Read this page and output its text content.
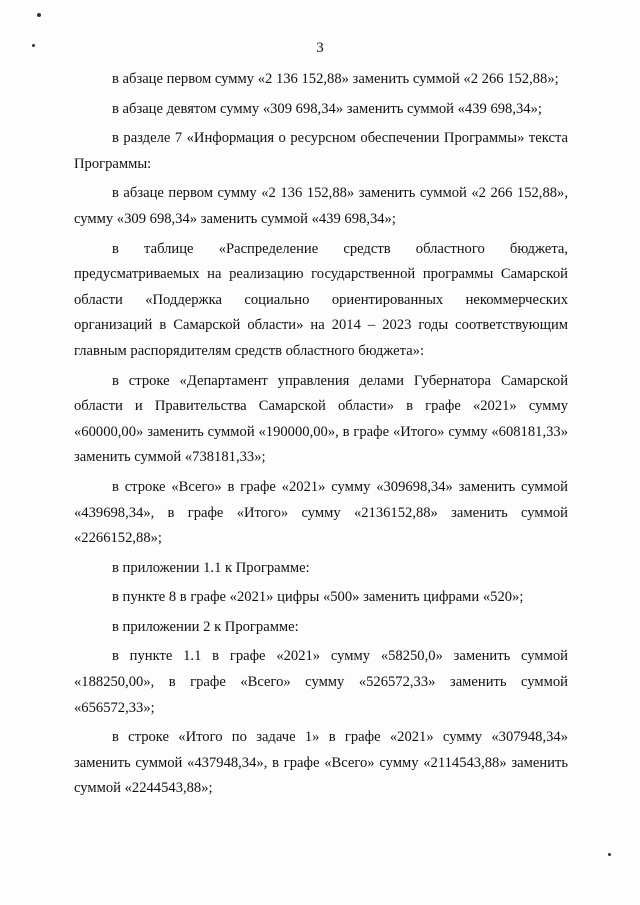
3

в абзаце первом сумму «2 136 152,88» заменить суммой «2 266 152,88»;

в абзаце девятом сумму «309 698,34» заменить суммой «439 698,34»;

в разделе 7 «Информация о ресурсном обеспечении Программы» текста Программы:

в абзаце первом сумму «2 136 152,88» заменить суммой «2 266 152,88», сумму «309 698,34» заменить суммой «439 698,34»;

в таблице «Распределение средств областного бюджета, предусматриваемых на реализацию государственной программы Самарской области «Поддержка социально ориентированных некоммерческих организаций в Самарской области» на 2014 – 2023 годы соответствующим главным распорядителям средств областного бюджета»:

в строке «Департамент управления делами Губернатора Самарской области и Правительства Самарской области» в графе «2021» сумму «60000,00» заменить суммой «190000,00», в графе «Итого» сумму «608181,33» заменить суммой «738181,33»;

в строке «Всего» в графе «2021» сумму «309698,34» заменить суммой «439698,34», в графе «Итого» сумму «2136152,88» заменить суммой «2266152,88»;

в приложении 1.1 к Программе:

в пункте 8 в графе «2021» цифры «500» заменить цифрами «520»;

в приложении 2 к Программе:

в пункте 1.1 в графе «2021» сумму «58250,0» заменить суммой «188250,00», в графе «Всего» сумму «526572,33» заменить суммой «656572,33»;

в строке «Итого по задаче 1» в графе «2021» сумму «307948,34» заменить суммой «437948,34», в графе «Всего» сумму «2114543,88» заменить суммой «2244543,88»;
